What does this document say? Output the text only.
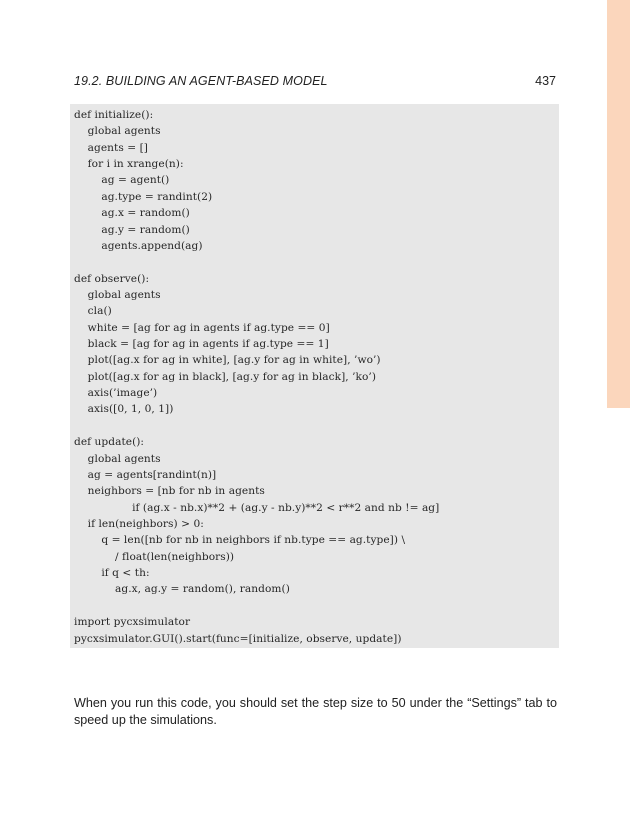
19.2. BUILDING AN AGENT-BASED MODEL	437
def initialize():
global agents
agents = []
for i in xrange(n):
ag = agent()
ag.type = randint(2)
ag.x = random()
ag.y = random()
agents.append(ag)
def observe():
global agents
cla()
white = [ag for ag in agents if ag.type == 0]
black = [ag for ag in agents if ag.type == 1]
plot([ag.x for ag in white], [ag.y for ag in white], ’wo’)
plot([ag.x for ag in black], [ag.y for ag in black], ’ko’)
axis(’image’)
axis([0, 1, 0, 1])
def update():
global agents
ag = agents[randint(n)]
neighbors = [nb for nb in agents
if (ag.x - nb.x)**2 + (ag.y - nb.y)**2 < r**2 and nb != ag]
if len(neighbors) > 0:
q = len([nb for nb in neighbors if nb.type == ag.type]) \
/ float(len(neighbors))
if q < th:
ag.x, ag.y = random(), random()
import pycxsimulator
pycxsimulator.GUI().start(func=[initialize, observe, update])

When you run this code, you should set the step size to 50 under the “Settings” tab to speed up the simulations.
